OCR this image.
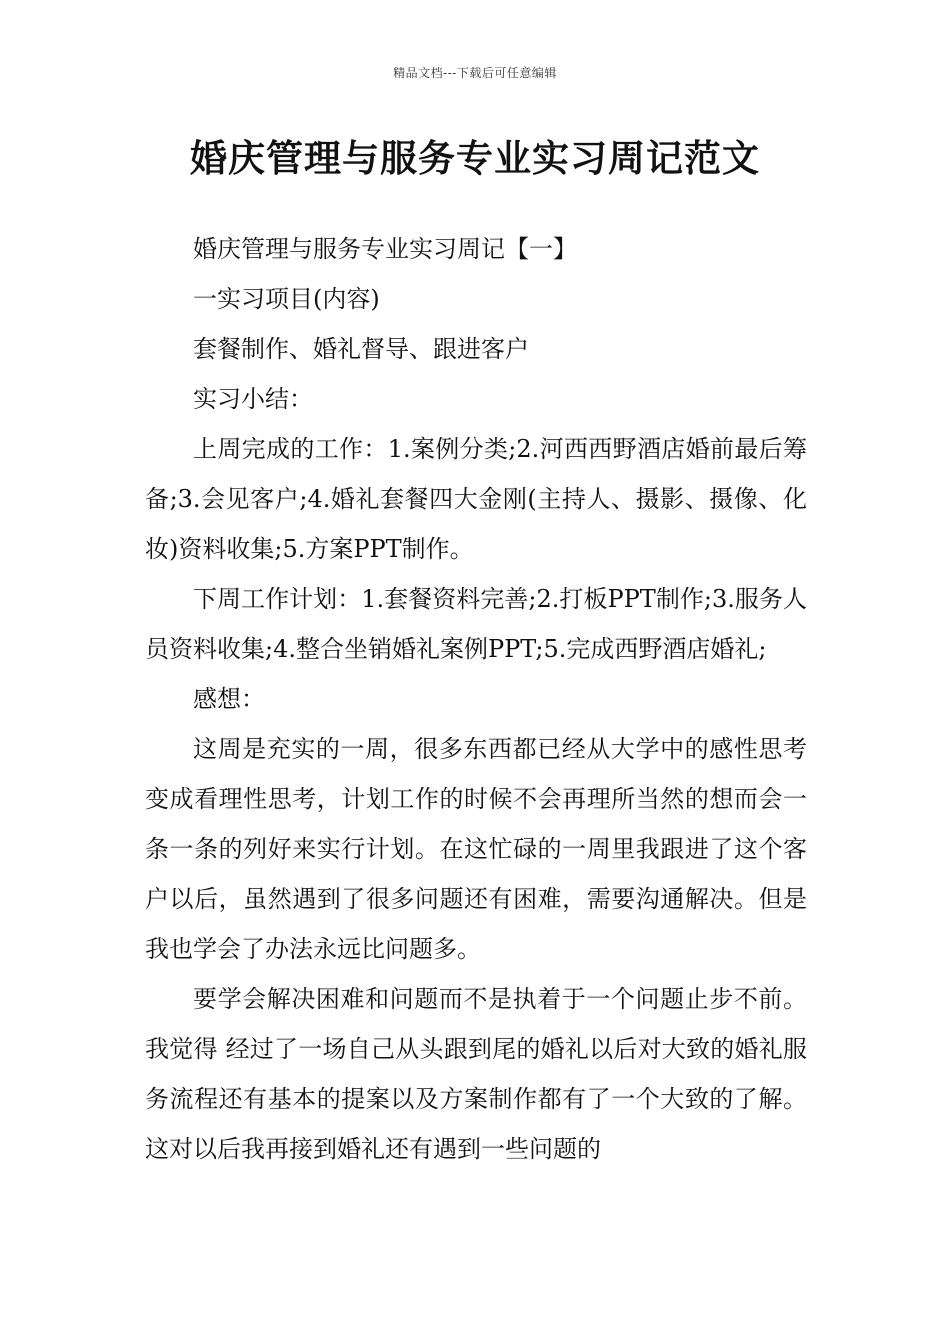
精品文档---下载后可任意编辑
婚庆管理与服务专业实习周记范文

婚庆管理与服务专业实习周记【一】

一实习项目(内容)

套餐制作、婚礼督导、跟进客户

实习小结：

上周完成的工作：1.案例分类;2.河西西野酒店婚前最后筹备;3.会见客户;4.婚礼套餐四大金刚(主持人、摄影、摄像、化妆)资料收集;5.方案PPT制作。

下周工作计划：1.套餐资料完善;2.打板PPT制作;3.服务人员资料收集;4.整合坐销婚礼案例PPT;5.完成西野酒店婚礼;

感想：

这周是充实的一周，很多东西都已经从大学中的感性思考变成看理性思考，计划工作的时候不会再理所当然的想而会一条一条的列好来实行计划。在这忙碌的一周里我跟进了这个客户以后，虽然遇到了很多问题还有困难，需要沟通解决。但是我也学会了办法永远比问题多。

要学会解决困难和问题而不是执着于一个问题止步不前。我觉得 经过了一场自己从头跟到尾的婚礼以后对大致的婚礼服务流程还有基本的提案以及方案制作都有了一个大致的了解。这对以后我再接到婚礼还有遇到一些问题的
